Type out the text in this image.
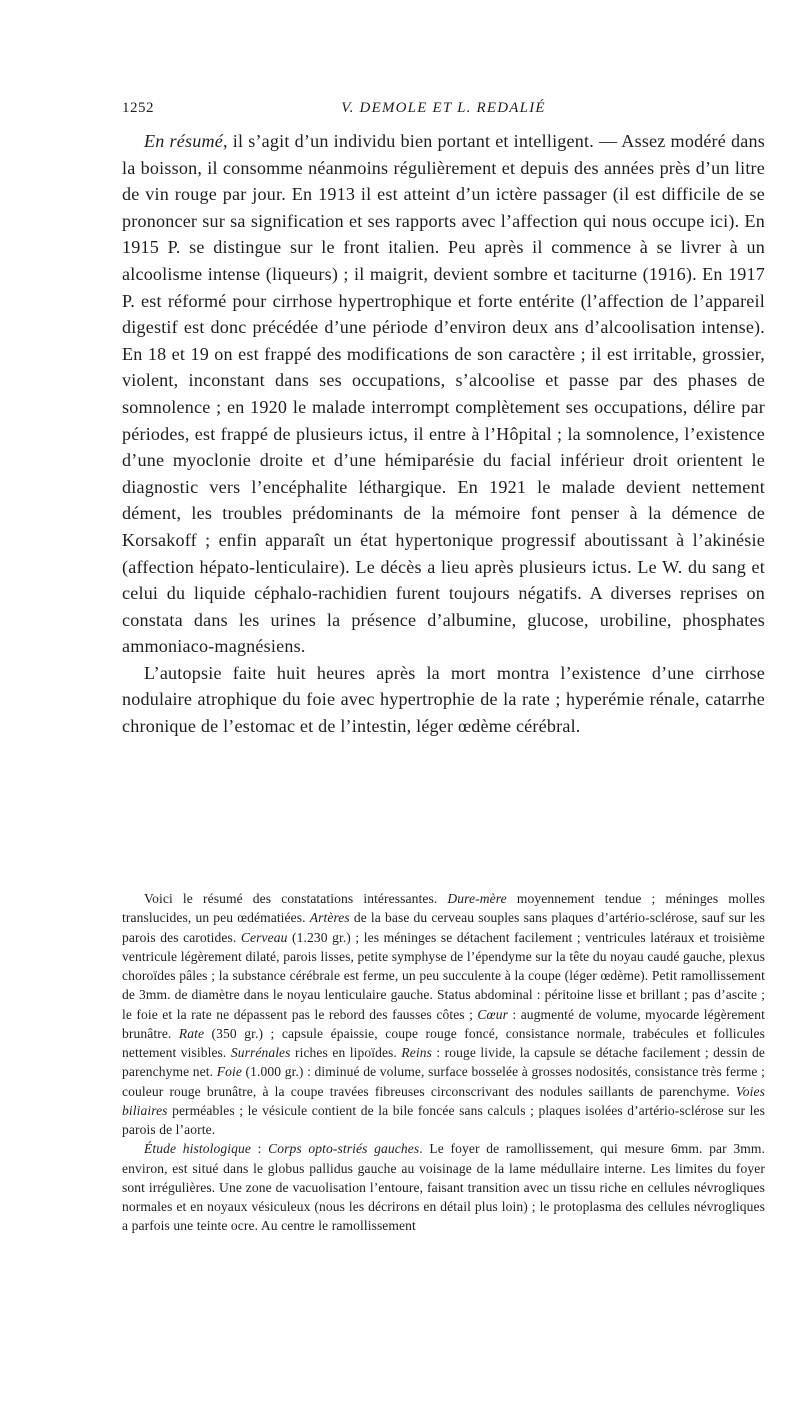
1252	V. DEMOLE ET L. REDALIÉ

En résumé, il s’agit d’un individu bien portant et intelligent. — Assez modéré dans la boisson, il consomme néanmoins régulièrement et depuis des années près d’un litre de vin rouge par jour. En 1913 il est atteint d’un ictère passager (il est difficile de se prononcer sur sa signification et ses rapports avec l’affection qui nous occupe ici). En 1915 P. se distingue sur le front italien. Peu après il commence à se livrer à un alcoolisme intense (liqueurs) ; il maigrit, devient sombre et taciturne (1916). En 1917 P. est réformé pour cirrhose hypertrophique et forte entérite (l’affection de l’appareil digestif est donc précédée d’une période d’environ deux ans d’alcoolisation intense). En 18 et 19 on est frappé des modifications de son caractère ; il est irritable, grossier, violent, inconstant dans ses occupations, s’alcoolise et passe par des phases de somnolence ; en 1920 le malade interrompt complètement ses occupations, délire par périodes, est frappé de plusieurs ictus, il entre à l’Hôpital ; la somnolence, l’existence d’une myoclonie droite et d’une hémiparésie du facial inférieur droit orientent le diagnostic vers l’encéphalite léthargique. En 1921 le malade devient nettement dément, les troubles prédominants de la mémoire font penser à la démence de Korsakoff ; enfin apparaît un état hypertonique progressif aboutissant à l’akinésie (affection hépato-lenticulaire). Le décès a lieu après plusieurs ictus. Le W. du sang et celui du liquide céphalo-rachidien furent toujours négatifs. A diverses reprises on constata dans les urines la présence d’albumine, glucose, urobiline, phosphates ammoniaco-magnésiens.

L’autopsie faite huit heures après la mort montra l’existence d’une cirrhose nodulaire atrophique du foie avec hypertrophie de la rate ; hyperémie rénale, catarrhe chronique de l’estomac et de l’intestin, léger œdème cérébral.

Voici le résumé des constatations intéressantes. Dure-mère moyennement tendue ; méninges molles translucides, un peu œdématiées. Artères de la base du cerveau souples sans plaques d’artério-sclérose, sauf sur les parois des carotides. Cerveau (1.230 gr.) ; les méninges se détachent facilement ; ventricules latéraux et troisième ventricule légèrement dilaté, parois lisses, petite symphyse de l’épendyme sur la tête du noyau caudé gauche, plexus choroïdes pâles ; la substance cérébrale est ferme, un peu succulente à la coupe (léger œdème). Petit ramollissement de 3mm. de diamètre dans le noyau lenticulaire gauche. Status abdominal : péritoine lisse et brillant ; pas d’ascite ; le foie et la rate ne dépassent pas le rebord des fausses côtes ; Cœur : augmenté de volume, myocarde légèrement brunâtre. Rate (350 gr.) ; capsule épaissie, coupe rouge foncé, consistance normale, trabécules et follicules nettement visibles. Surrénales riches en lipoïdes. Reins : rouge livide, la capsule se détache facilement ; dessin de parenchyme net. Foie (1.000 gr.) : diminué de volume, surface bosselée à grosses nodosités, consistance très ferme ; couleur rouge brunâtre, à la coupe travées fibreuses circonscrivant des nodules saillants de parenchyme. Voies biliaires perméables ; le vésicule contient de la bile foncée sans calculs ; plaques isolées d’artério-sclérose sur les parois de l’aorte.

Étude histologique : Corps opto-striés gauches. Le foyer de ramollissement, qui mesure 6mm. par 3mm. environ, est situé dans le globus pallidus gauche au voisinage de la lame médullaire interne. Les limites du foyer sont irrégulières. Une zone de vacuolisation l’entoure, faisant transition avec un tissu riche en cellules névrogliques normales et en noyaux vésiculeux (nous les décrirons en détail plus loin) ; le protoplasma des cellules névrogliques a parfois une teinte ocre. Au centre le ramollissement
